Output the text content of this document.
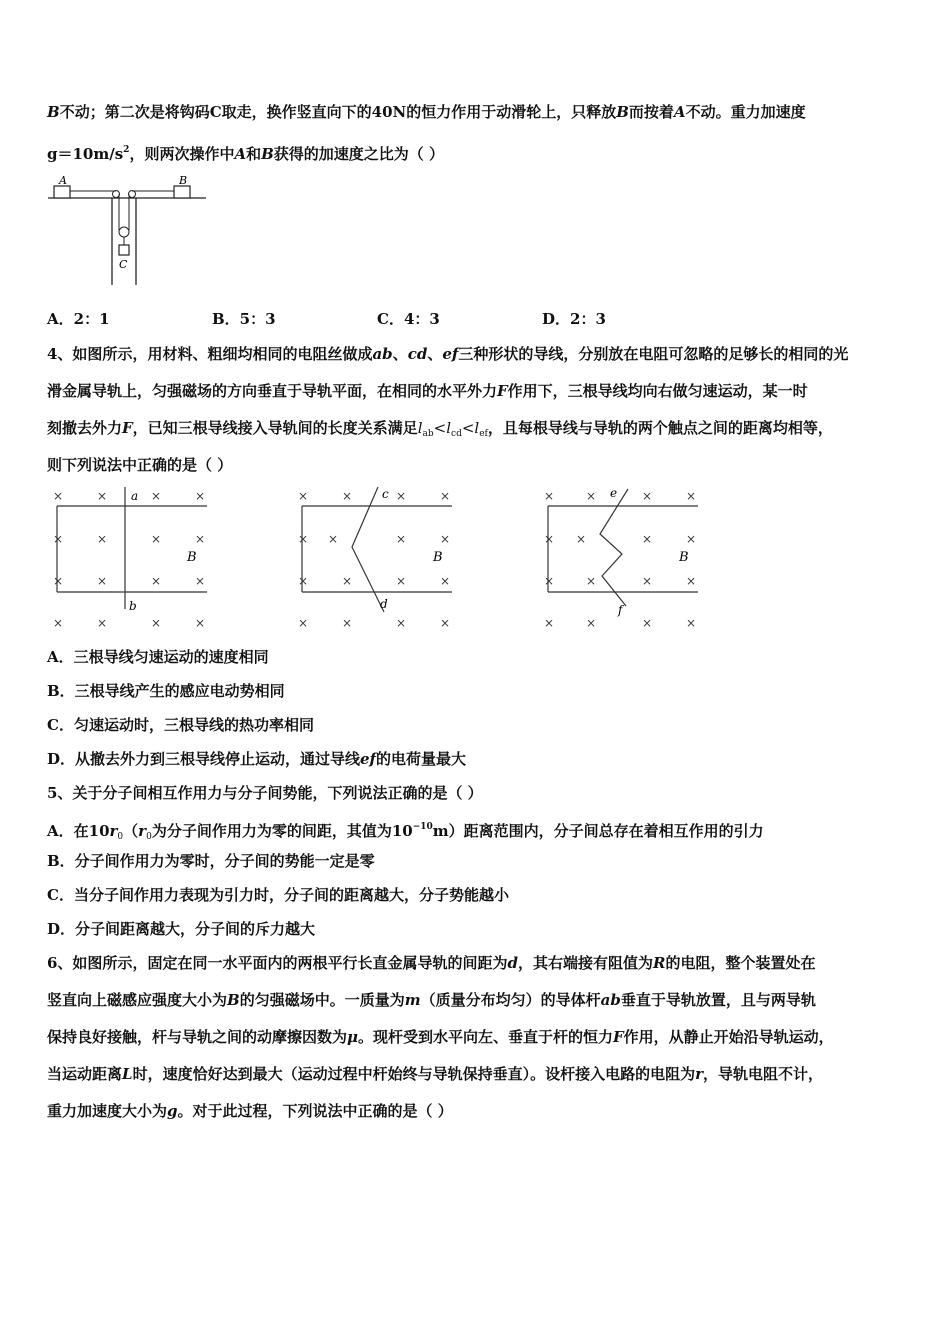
B不动；第二次是将钩码C取走，换作竖直向下的40N的恒力作用于动滑轮上，只释放B而按着A不动。重力加速度
$g=10m/s^2$，则两次操作中A和B获得的加速度之比为（ ）
A	B
C
A．2：1	B．5：3	C．4：3	D．2：3
4、如图所示，用材料、粗细均相同的电阻丝做成ab、cd、ef三种形状的导线，分别放在电阻可忽略的足够长的相同的光
滑金属导轨上，匀强磁场的方向垂直于导轨平面，在相同的水平外力F作用下，三根导线均向右做匀速运动，某一时
刻撤去外力F，已知三根导线接入导轨间的长度关系满足$l_{ab}<l_{cd}<l_{ef}$，且每根导线与导轨的两个触点之间的距离均相等，
则下列说法中正确的是（ ）
a
b
B
×	×	×	×
×	×	×	×
×	×	×	×
×	×	×	×
c
d
B
×	×	×	×
× ×	×	×
×	×	×	×
×	×	×	×
e
f
B
×	×	×	×
× ×	×	×
×	×	×	×
×	×	×	×
A．三根导线匀速运动的速度相同
B．三根导线产生的感应电动势相同
C．匀速运动时，三根导线的热功率相同
D．从撤去外力到三根导线停止运动，通过导线ef的电荷量最大
5、关于分子间相互作用力与分子间势能，下列说法正确的是（ ）
A．在$10r_0(r_0$为分子间作用力为零的间距，其值为$10^{-10}m$）距离范围内，分子间总存在着相互作用的引力
B．分子间作用力为零时，分子间的势能一定是零
C．当分子间作用力表现为引力时，分子间的距离越大，分子势能越小
D．分子间距离越大，分子间的斥力越大
6、如图所示，固定在同一水平面内的两根平行长直金属导轨的间距为d，其右端接有阻值为R的电阻，整个装置处在
竖直向上磁感应强度大小为B的匀强磁场中。一质量为m（质量分布均匀）的导体杆ab垂直于导轨放置，且与两导轨
保持良好接触，杆与导轨之间的动摩擦因数为μ。现杆受到水平向左、垂直于杆的恒力F作用，从静止开始沿导轨运动，
当运动距离L时，速度恰好达到最大（运动过程中杆始终与导轨保持垂直）。设杆接入电路的电阻为r，导轨电阻不计，
重力加速度大小为g。对于此过程，下列说法中正确的是（ ）
